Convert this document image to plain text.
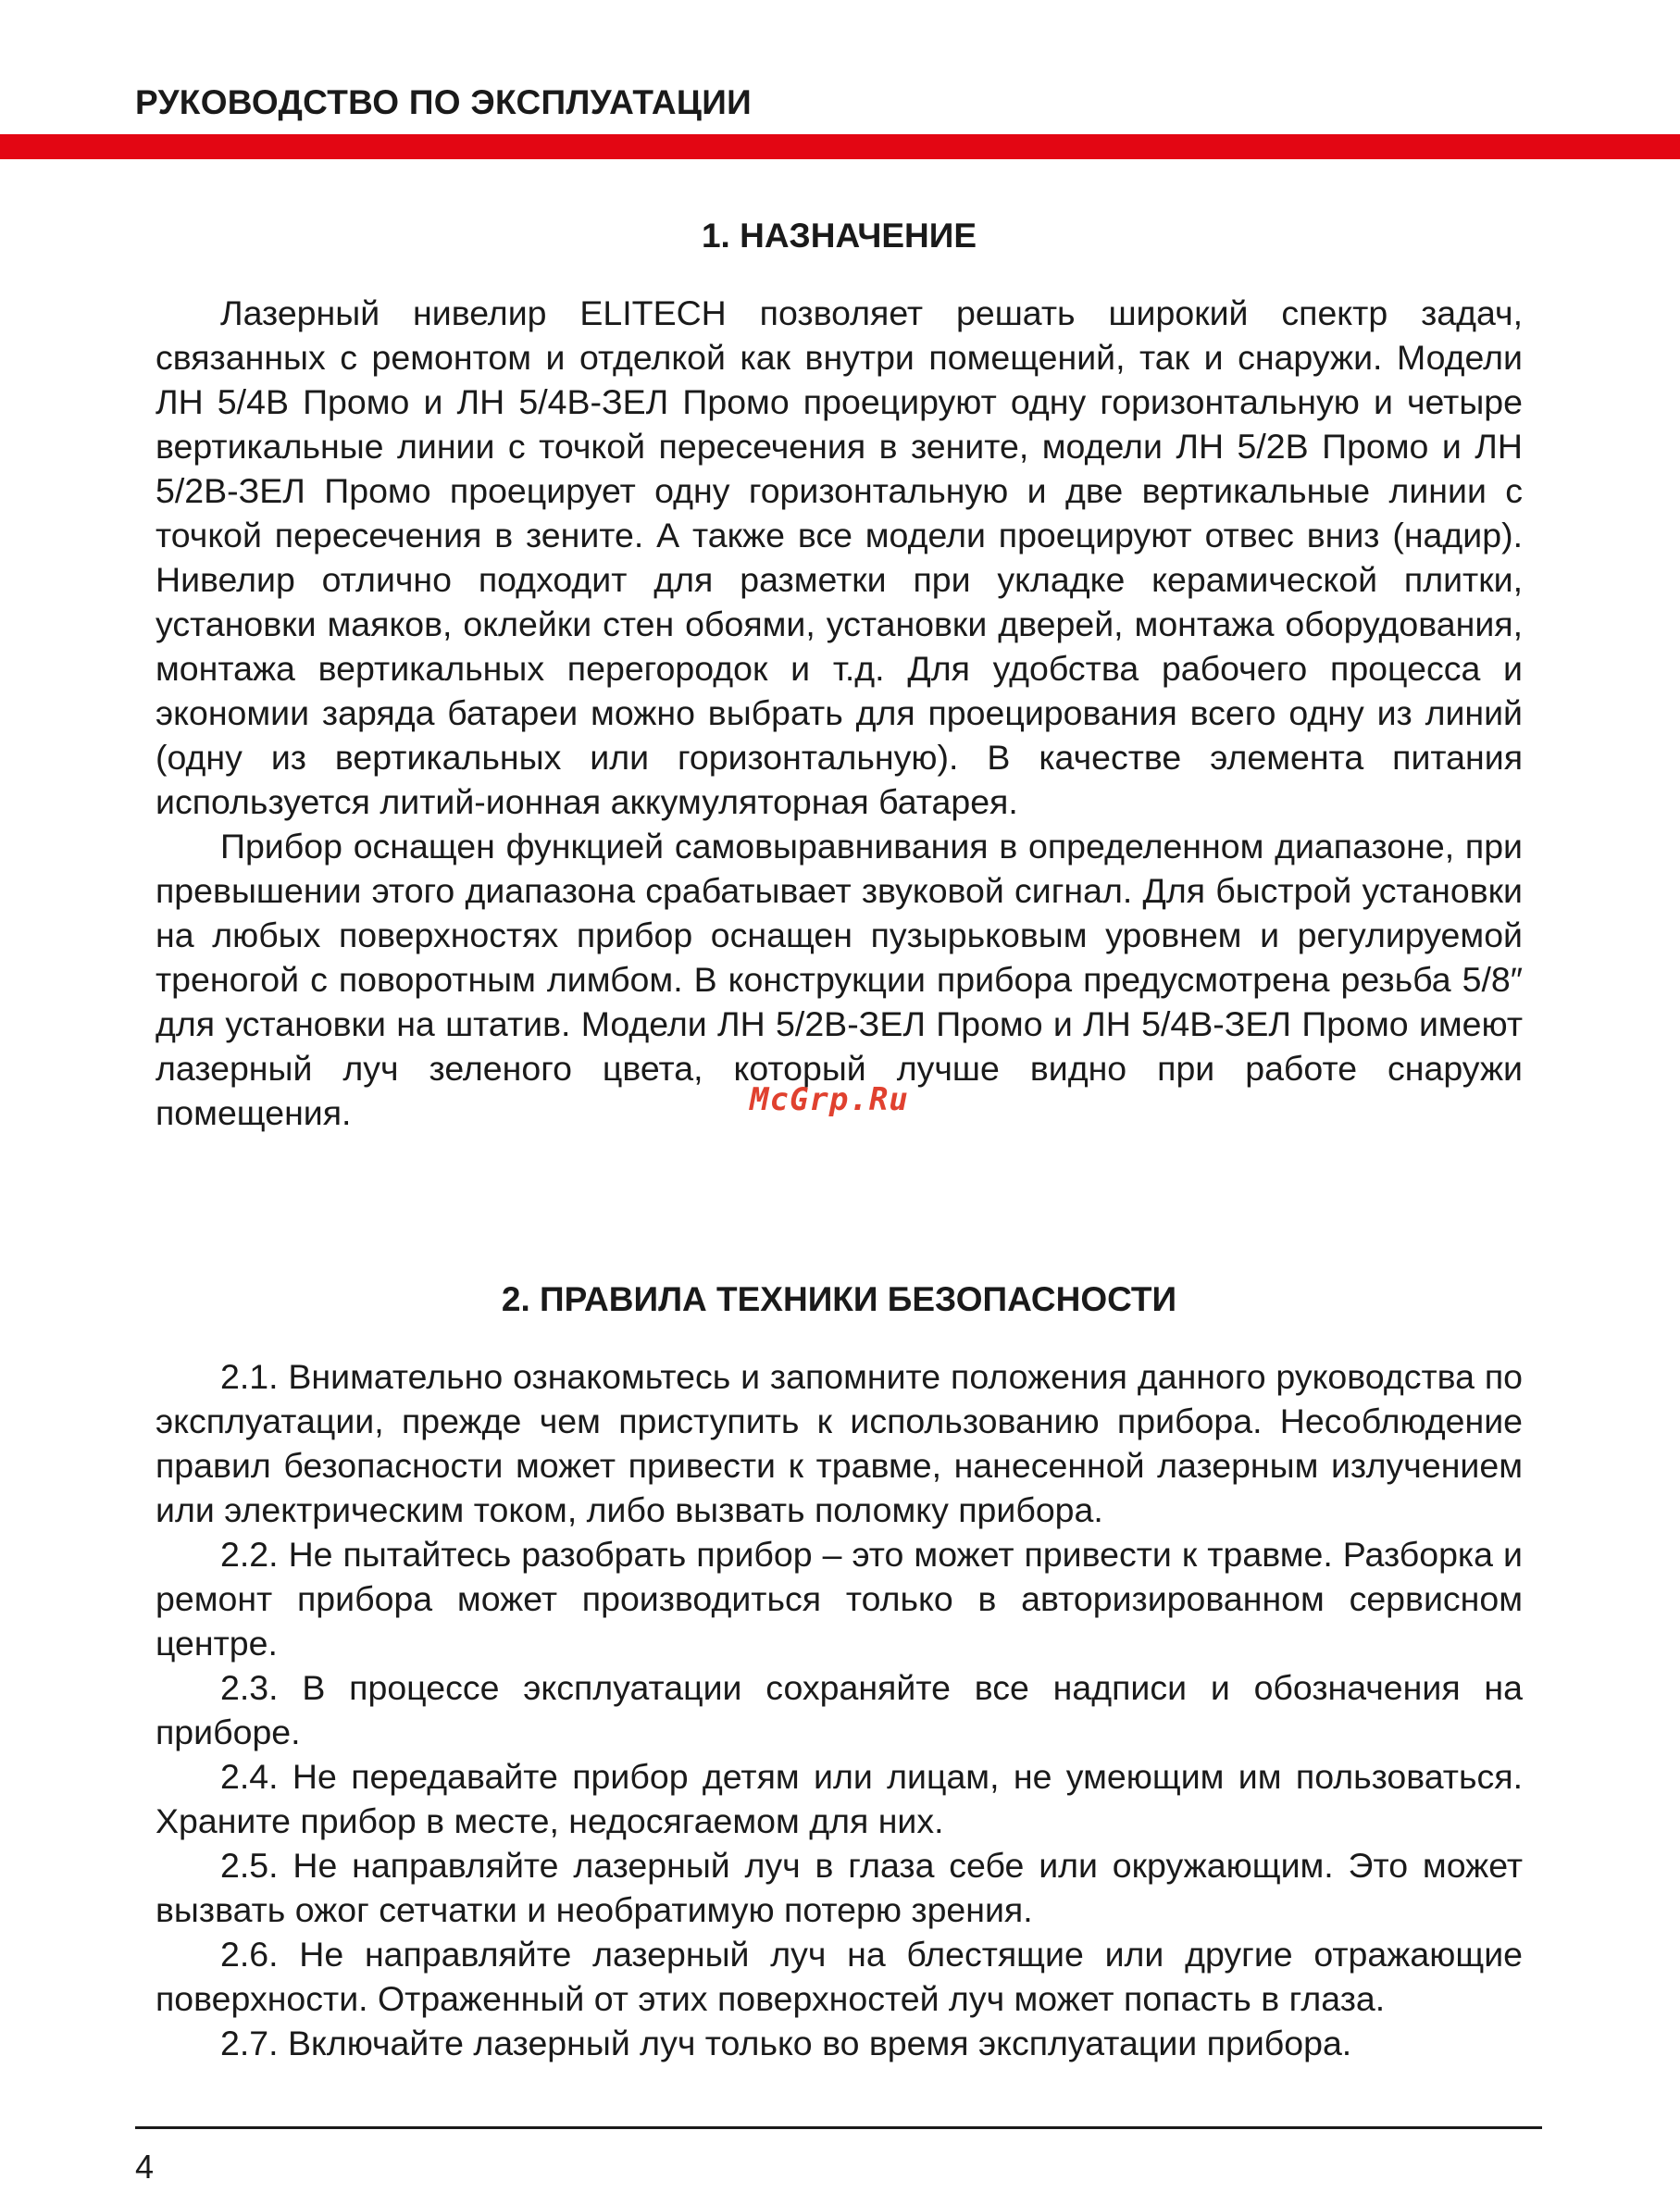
РУКОВОДСТВО ПО ЭКСПЛУАТАЦИИ
1. НАЗНАЧЕНИЕ

Лазерный нивелир ELITECH позволяет решать широкий спектр задач, связанных с ремонтом и отделкой как внутри помещений, так и снаружи. Модели ЛН 5/4В Промо и ЛН 5/4В-ЗЕЛ Промо проецируют одну горизонтальную и четыре вертикальные линии с точкой пересечения в зените, модели ЛН 5/2В Промо и ЛН 5/2В-ЗЕЛ Промо проецирует одну горизонтальную и две вертикальные линии с точкой пересечения в зените. А также все модели проецируют отвес вниз (надир). Нивелир отлично подходит для разметки при укладке керамической плитки, установки маяков, оклейки стен обоями, установки дверей, монтажа оборудования, монтажа вертикальных перегородок и т.д. Для удобства рабочего процесса и экономии заряда батареи можно выбрать для проецирования всего одну из линий (одну из вертикальных или горизонтальную). В качестве элемента питания используется литий-ионная аккумуляторная батарея.

Прибор оснащен функцией самовыравнивания в определенном диапазоне, при превышении этого диапазона срабатывает звуковой сигнал. Для быстрой установки на любых поверхностях прибор оснащен пузырьковым уровнем и регулируемой треногой с поворотным лимбом. В конструкции прибора предусмотрена резьба 5/8″ для установки на штатив. Модели ЛН 5/2В-ЗЕЛ Промо и ЛН 5/4В-ЗЕЛ Промо имеют лазерный луч зеленого цвета, который лучше видно при работе снаружи помещения.

2. ПРАВИЛА ТЕХНИКИ БЕЗОПАСНОСТИ

2.1. Внимательно ознакомьтесь и запомните положения данного руководства по эксплуатации, прежде чем приступить к использованию прибора. Несоблюдение правил безопасности может привести к травме, нанесенной лазерным излучением или электрическим током, либо вызвать поломку прибора.

2.2. Не пытайтесь разобрать прибор – это может привести к травме. Разборка и ремонт прибора может производиться только в авторизированном сервисном центре.

2.3. В процессе эксплуатации сохраняйте все надписи и обозначения на приборе.

2.4. Не передавайте прибор детям или лицам, не умеющим им пользоваться. Храните прибор в месте, недосягаемом для них.

2.5. Не направляйте лазерный луч в глаза себе или окружающим. Это может вызвать ожог сетчатки и необратимую потерю зрения.

2.6. Не направляйте лазерный луч на блестящие или другие отражающие поверхности. Отраженный от этих поверхностей луч может попасть в глаза.

2.7. Включайте лазерный луч только во время эксплуатации прибора.

McGrp.Ru
4
